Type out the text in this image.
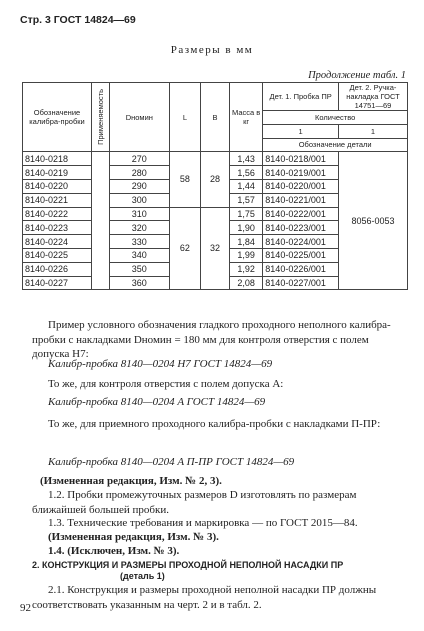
Стр. 3 ГОСТ 14824—69
Размеры в мм
Продолжение табл. 1
Обозначение калибра-пробки	Применяемость	Dномин	L	B	Масса в кг	Дет. 1. Пробка ПР	Дет. 2. Ручка-накладка ГОСТ 14751—69
						Количество	
						1	1
						Обозначение детали	
8140-0218		270	58	28	1,43	8140-0218/001	8056-0053
8140-0219		280			1,56	8140-0219/001	
8140-0220		290			1,44	8140-0220/001	
8140-0221		300			1,57	8140-0221/001	
8140-0222		310	62	32	1,75	8140-0222/001	
8140-0223		320			1,90	8140-0223/001	
8140-0224		330			1,84	8140-0224/001	
8140-0225		340			1,99	8140-0225/001	
8140-0226		350			1,92	8140-0226/001	
8140-0227		360			2,08	8140-0227/001	
Пример условного обозначения гладкого проходного неполного калибра-пробки с накладками Dномин = 180 мм для контроля отверстия с полем допуска H7:
Калибр-пробка 8140—0204 H7 ГОСТ 14824—69
То же, для контроля отверстия с полем допуска A:
Калибр-пробка 8140—0204 A ГОСТ 14824—69
То же, для приемного проходного калибра-пробки с накладками П-ПР:
Калибр-пробка 8140—0204 A П-ПР ГОСТ 14824—69
(Измененная редакция, Изм. № 2, 3).
1.2. Пробки промежуточных размеров D изготовлять по размерам ближайшей большей пробки.
1.3. Технические требования и маркировка — по ГОСТ 2015—84.
(Измененная редакция, Изм. № 3).
1.4. (Исключен, Изм. № 3).
2. КОНСТРУКЦИЯ И РАЗМЕРЫ ПРОХОДНОЙ НЕПОЛНОЙ НАСАДКИ ПР
(деталь 1)
2.1. Конструкция и размеры проходной неполной насадки ПР должны соответствовать указанным на черт. 2 и в табл. 2.
92
